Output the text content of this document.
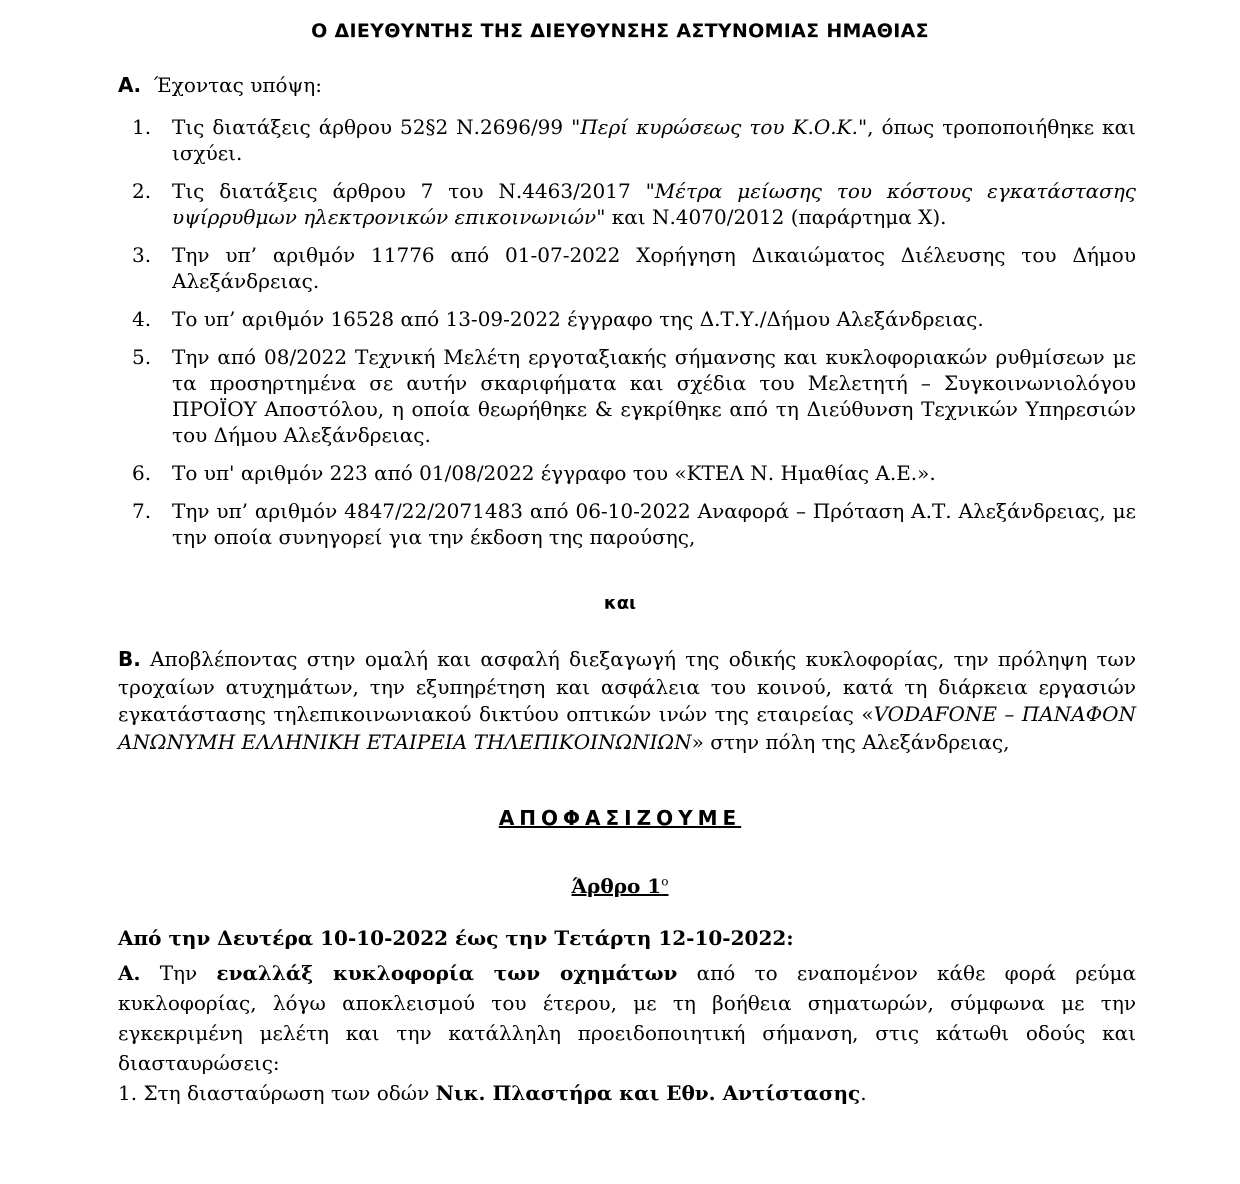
Ο ΔΙΕΥΘΥΝΤΗΣ ΤΗΣ ΔΙΕΥΘΥΝΣΗΣ ΑΣΤΥΝΟΜΙΑΣ ΗΜΑΘΙΑΣ
Α. Έχοντας υπόψη:
1. Τις διατάξεις άρθρου 52§2 Ν.2696/99 "Περί κυρώσεως του Κ.Ο.Κ.", όπως τροποποιήθηκε και ισχύει.
2. Τις διατάξεις άρθρου 7 του Ν.4463/2017 "Μέτρα μείωσης του κόστους εγκατάστασης υψίρρυθμων ηλεκτρονικών επικοινωνιών" και Ν.4070/2012 (παράρτημα Χ).
3. Την υπ’ αριθμόν 11776 από 01-07-2022 Χορήγηση Δικαιώματος Διέλευσης του Δήμου Αλεξάνδρειας.
4. Το υπ’ αριθμόν 16528 από 13-09-2022 έγγραφο της Δ.Τ.Υ./Δήμου Αλεξάνδρειας.
5. Την από 08/2022 Τεχνική Μελέτη εργοταξιακής σήμανσης και κυκλοφοριακών ρυθμίσεων με τα προσηρτημένα σε αυτήν σκαριφήματα και σχέδια του Μελετητή – Συγκοινωνιολόγου ΠΡΟΪΟΥ Αποστόλου, η οποία θεωρήθηκε & εγκρίθηκε από τη Διεύθυνση Τεχνικών Υπηρεσιών του Δήμου Αλεξάνδρειας.
6. Το υπ' αριθμόν 223 από 01/08/2022 έγγραφο του «ΚΤΕΛ Ν. Ημαθίας Α.Ε.».
7. Την υπ’ αριθμόν 4847/22/2071483 από 06-10-2022 Αναφορά – Πρόταση Α.Τ. Αλεξάνδρειας, με την οποία συνηγορεί για την έκδοση της παρούσης,
και
Β. Αποβλέποντας στην ομαλή και ασφαλή διεξαγωγή της οδικής κυκλοφορίας, την πρόληψη των τροχαίων ατυχημάτων, την εξυπηρέτηση και ασφάλεια του κοινού, κατά τη διάρκεια εργασιών εγκατάστασης τηλεπικοινωνιακού δικτύου οπτικών ινών της εταιρείας «VODAFONE – ΠΑΝΑΦΟΝ ΑΝΩΝΥΜΗ ΕΛΛΗΝΙΚΗ ΕΤΑΙΡΕΙΑ ΤΗΛΕΠΙΚΟΙΝΩΝΙΩΝ» στην πόλη της Αλεξάνδρειας,
ΑΠΟΦΑΣΙΖΟΥΜΕ
Άρθρο $1^o$
Από την Δευτέρα 10-10-2022 έως την Τετάρτη 12-10-2022:
Α. Την εναλλάξ κυκλοφορία των οχημάτων από το εναπομένον κάθε φορά ρεύμα κυκλοφορίας, λόγω αποκλεισμού του έτερου, με τη βοήθεια σηματωρών, σύμφωνα με την εγκεκριμένη μελέτη και την κατάλληλη προειδοποιητική σήμανση, στις κάτωθι οδούς και διασταυρώσεις:
1. Στη διασταύρωση των οδών Νικ. Πλαστήρα και Εθν. Αντίστασης.
